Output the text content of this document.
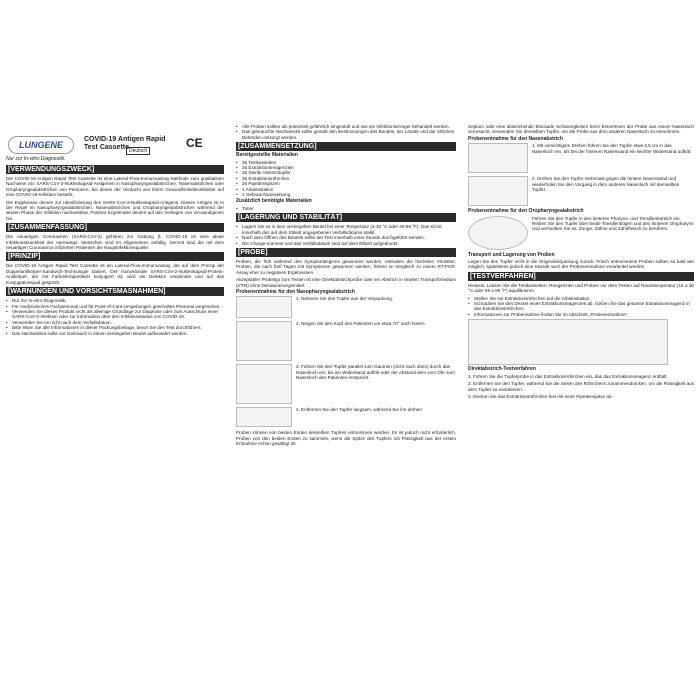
LUNGENE
COVID-19 Antigen Rapid Test Cassette Deutsch
CE
Nur zur In-vitro-Diagnostik.
[VERWENDUNGSZWECK]

Die COVID-19 Antigen Rapid Test Cassette ist eine Lateral-Flow-Immunoassay-Methode zum qualitativen Nachweis von SARS-CoV-2-Nukleokapsid-Antigenen in Nasopharyngealabstrichen, Nasenabstrichen oder Oropharyngealabstrichen von Personen, bei denen der Verdacht von ihrem Gesundheitsdienstleister auf eine COVID-19-Infektion besteht.

Die Ergebnisse dienen zur Identifizierung des SARS-CoV-2-Nukleokapsid-Antigens. Dieses Antigen ist in der Regel im Nasopharyngealabstrichen, Nasenabstrichen und Oropharyngealabstrichen während der akuten Phase der Infektion nachweisbar. Positive Ergebnisse deuten auf das Vorliegen von Virusantigenen hin.

[ZUSAMMENFASSUNG]

Die neuartigen Coronaviren (SARS-CoV-2) gehören zur Gattung β. COVID-19 ist eine akute Infektionskrankheit der Atemwege. Menschen sind im Allgemeinen anfällig. Derzeit sind die mit dem neuartigen Coronavirus infizierten Patienten die Hauptinfektionsquelle.

[PRINZIP]

Die COVID-19 Antigen Rapid Test Cassette ist ein Lateral-Flow-Immunoassay, der auf dem Prinzip der Doppelantikörper-Sandwich-Technologie basiert. Der monoklonale SARS-CoV-2-Nukleokapsid-Protein-Antikörper, der mit Farbmikropartikeln konjugiert ist, wird als Detektor verwendet und auf das Konjugationspad gesprüht.

[WARNUNGEN UND VORSICHTSMASNAHMEN]
• Nur zur In-vitro-Diagnostik.
• Für medizinisches Fachpersonal und für Point-of-Care-Umgebungen geschultes Personal vorgesehen.
• Verwenden Sie dieses Produkt nicht als alleinige Grundlage zur Diagnose oder zum Ausschluss einer SARS-CoV-2-Infektion oder zur Information über den Infektionsstatus von COVID-19.
• Verwenden Sie es nicht nach dem Verfallsdatum.
• Bitte lesen Sie alle Informationen in dieser Packungsbeilage, bevor Sie den Test durchführen.
• Das Nachweiskit sollte vor Gebrauch in einem versiegelten Beutel aufbewahrt werden.
• Alle Proben sollten als potenziell gefährlich eingestuft und wie ein Infektionserreger behandelt werden.
• Das gebrauchte Nachweiskit sollte gemäß den Bestimmungen des Bundes, der Länder und der örtlichen Behörden entsorgt werden.
[ZUSAMMENSETZUNG]
Bereitgestellte Materialien
• 25 Testkassetten
• 25 Extraktionsreagenzien
• 25 Sterile Abstrichtupfer
• 25 Extraktionsröhrchen
• 25 Pipettenspitzen
• 1 Arbeitsstation
• 1 Gebrauchsanweisung
Zusätzlich benötigte Materialien
• Timer
[LAGERUNG UND STABILITÄT]
• Lagern Sie es in dem versiegelten Beutel bei einer Temperatur (4-30 °C oder 40-86 °F). Das Kit ist innerhalb des auf dem Etikett angegebenen Verfallsdatums stabil.
• Nach dem Öffnen des Beutels sollte der Test innerhalb einer Stunde durchgeführt werden.
• Die Charge-nummer und das Verfallsdatum sind auf dem Etikett aufgedruckt.
[PROBE]

Proben, die früh während des Symptombeginns gewonnen werden, enthalten die höchsten Virustiter; Proben, die nach fünf Tagen mit Symptomen gewonnen werden, führen im Vergleich zu einem RT-PCR-Assay eher zu negativen Ergebnissen.

Akzeptabler Probetyp zum Testen ist eine Direktabstrichprobe oder ein Abstrich in viralem Transportmedium (VTM) ohne Denaturierungsmittel.

Probenentnahme für den Nasopharyngealabstrich
1. Nehmen Sie den Tupfer aus der Verpackung.
2. Neigen Sie den Kopf des Patienten um etwa 70° nach hinten.
3. Führen Sie den Tupfer parallel zum Gaumen (nicht nach oben) durch das Nasenloch ein, bis ein Widerstand auftritt oder der Abstand dem vom Ohr zum Nasenloch des Patienten entspricht.
4. Entfernen Sie den Tupfer langsam, während Sie ihn drehen.

Proben können von beiden Enden desselben Tupfers entnommen werden. Es ist jedoch nicht erforderlich, Proben von den beiden Enden zu sammeln, wenn die Spitze des Tupfers mit Flüssigkeit aus der ersten Entnahme echon gesättigt ist.

Septum oder eine abweichende Blockade Schwierigkeiten beim Entnehmen der Probe aus einem Nasenloch verursacht, verwenden Sie denselben Tupfer, um die Probe aus dem anderen Nasenloch zu entnehmen.

Probenentnahme für den Nasenabstrich
1. Mit vorsichtigem Drehen führen Sie den Tupfer etwa 2,5 cm in das Nasenloch ein, bis bei der hinteren Nasenwand ein leichter Widerstand auftritt.
2. Drehen Sie den Tupfer mehrmals gegen die hintere Nasenwand und wiederholen Sie den Vorgang in dem anderen Nasenloch mit demselben Tupfer.
Probenentnahme für den Oropharyngealabstrich
Führen Sie den Tupfer in den hinteren Pharynx- und Tonsillenbereich ein. Reiben Sie den Tupfer über beide Tonsillenbögen und den hinteren Oropharynx und vermeiden Sie es, Zunge, Zähne und Zahnfleisch zu berühren.
Transport und Lagerung von Proben

Legen Sie den Tupfer nicht in die Originalverpackung zurück. Frisch entnommene Proben sollten so bald wie möglich, spätestens jedoch eine Stunde nach der Probenentnahme verarbeitet werden.

[TESTVERFAHREN]

Hinweis: Lassen Sie die Testkassetten, Reagenzien und Proben vor dem Testen auf Raumtemperatur (15 ≥ 30 °C oder 59 ≥ 86 °F) äquilibrieren.

• Stellen Sie ein Extraktionsröhrchen auf die Arbeitsstation.
• Schrauben Sie den Deckel eines Extraktionsreagenzes ab. Geben Sie das gesamte Extraktionsreagenz in das Extraktionsröhrchen.
• Informationen zur Probennahme finden Sie im Abschnitt „Probenentnahme“.
Direktabstrich-Testverfahren

1. Führen Sie die Tupferprobe in das Extraktionsröhrchen ein, das das Extraktionsreagenz enthält.

2. Entfernen Sie den Tupfer, während Sie die Seiten des Röhrchens zusammendrücken, um die Flüssigkeit aus dem Tupfer zu extrahieren.

3. Decken Sie das Extraktionsröhrchen fest mit einer Pipettenspitze ab.
